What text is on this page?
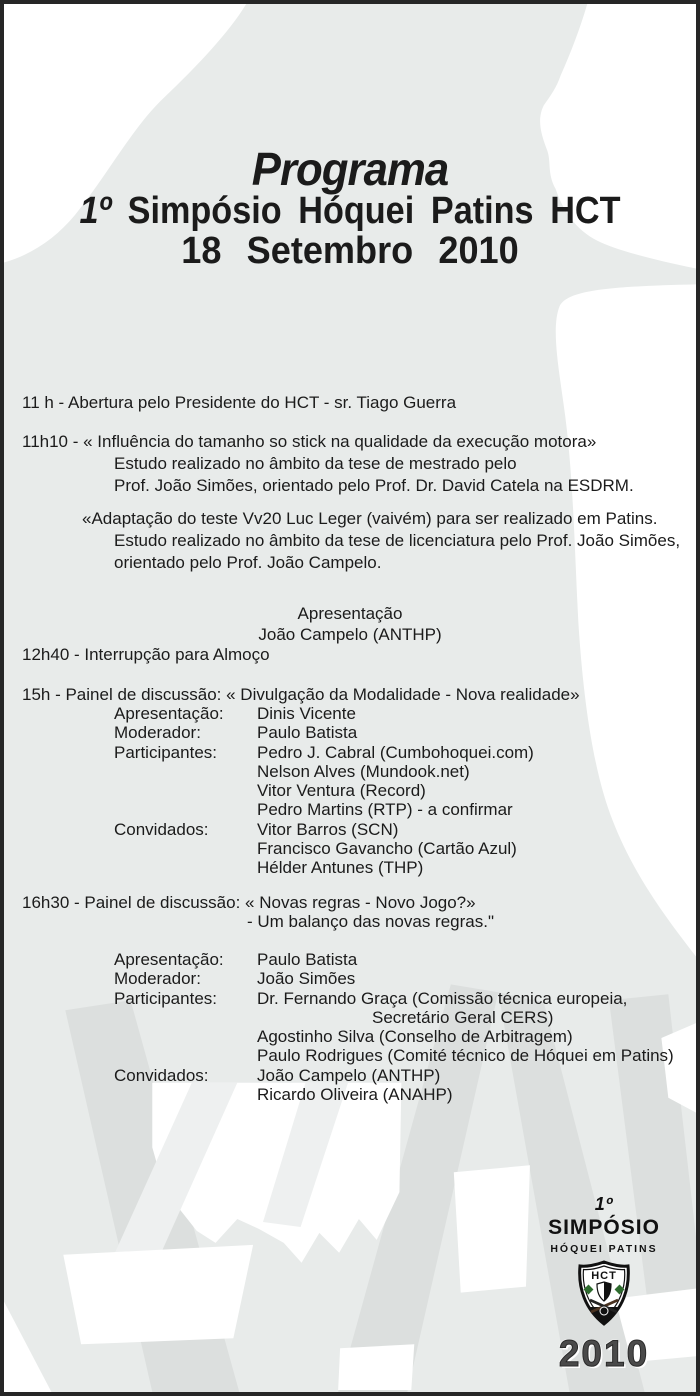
Programa
1º Simpósio Hóquei Patins HCT
18 Setembro 2010
11 h - Abertura pelo Presidente do HCT - sr. Tiago Guerra
11h10 - « Influência do tamanho so stick na qualidade da execução motora»
Estudo realizado no âmbito da tese de mestrado pelo
Prof. João Simões, orientado pelo Prof. Dr. David Catela na ESDRM.
«Adaptação do teste Vv20 Luc Leger (vaivém) para ser realizado em Patins.
Estudo realizado no âmbito da tese de licenciatura pelo Prof. João Simões,
orientado pelo Prof. João Campelo.
Apresentação
João Campelo (ANTHP)
12h40 - Interrupção para Almoço
15h - Painel de discussão: « Divulgação da Modalidade - Nova realidade»
Apresentação:	Dinis Vicente
Moderador:	Paulo Batista
Participantes:	Pedro J. Cabral (Cumbohoquei.com)
Nelson Alves (Mundook.net)
Vitor Ventura (Record)
Pedro Martins (RTP) - a confirmar
Convidados:	Vitor Barros (SCN)
Francisco Gavancho (Cartão Azul)
Hélder Antunes (THP)
16h30 - Painel de discussão: « Novas regras - Novo Jogo?»
- Um balanço das novas regras."
Apresentação:	Paulo Batista
Moderador:	João Simões
Participantes:	Dr. Fernando Graça (Comissão técnica europeia,
Secretário Geral CERS)
Agostinho Silva (Conselho de Arbitragem)
Paulo Rodrigues (Comité técnico de Hóquei em Patins)
Convidados:	João Campelo (ANTHP)
Ricardo Oliveira (ANAHP)
1º
SIMPÓSIO
HÓQUEI PATINS
HCT
2010
